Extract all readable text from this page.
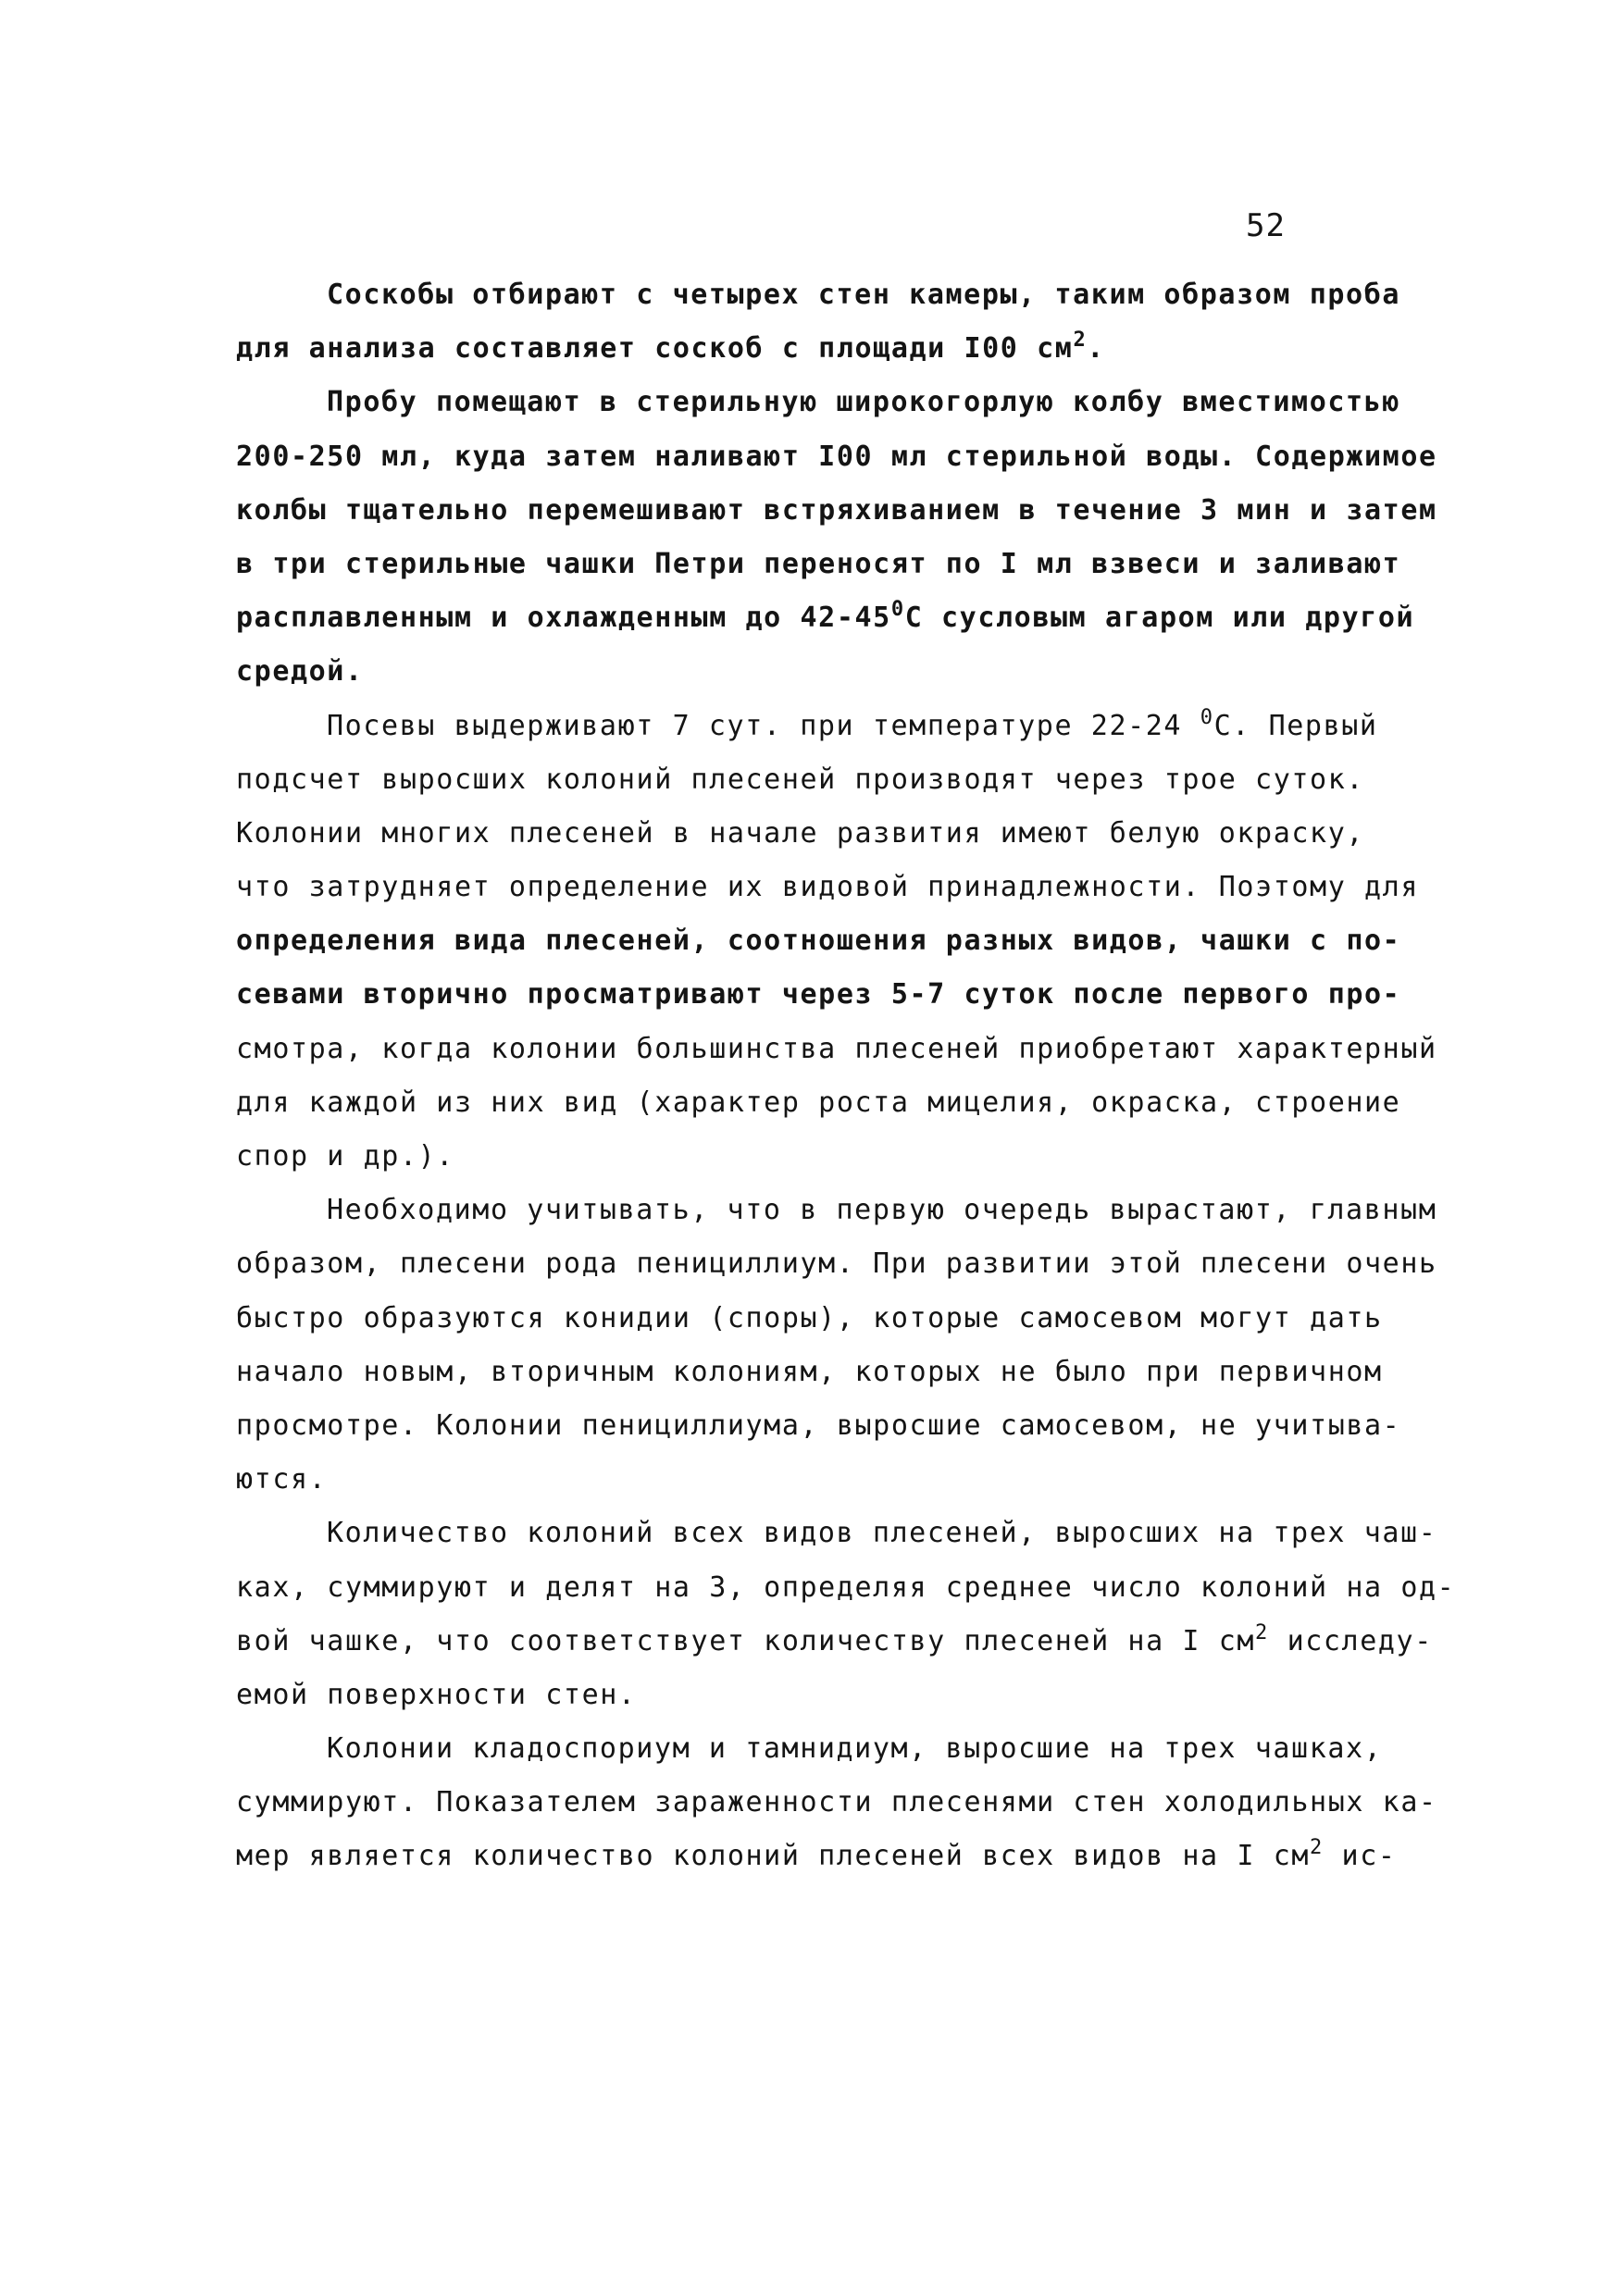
52
Соскобы отбирают с четырех стен камеры, таким образом проба
для анализа составляет соскоб с площади I00 $см^2$.
Пробу помещают в стерильную широкогорлую колбу вместимостью
200-250 мл, куда затем наливают I00 мл стерильной воды. Содержимое
колбы тщательно перемешивают встряхиванием в течение 3 мин и затем
в три стерильные чашки Петри переносят по I мл взвеси и заливают
расплавленным и охлажденным до $42-45^0С$ сусловым агаром или другой
средой.
Посевы выдерживают 7 сут. при температуре 22-24 $^0$С. Первый
подсчет выросших колоний плесеней производят через трое суток.
Колонии многих плесеней в начале развития имеют белую окраску,
что затрудняет определение их видовой принадлежности. Поэтому для
определения вида плесеней, соотношения разных видов, чашки с по-
севами вторично просматривают через 5-7 суток после первого про-
смотра, когда колонии большинства плесеней приобретают характерный
для каждой из них вид (характер роста мицелия, окраска, строение
спор и др.).
Необходимо учитывать, что в первую очередь вырастают, главным
образом, плесени рода пенициллиум. При развитии этой плесени очень
быстро образуются конидии (споры), которые самосевом могут дать
начало новым, вторичным колониям, которых не было при первичном
просмотре. Колонии пенициллиума, выросшие самосевом, не учитыва-
ются.
Количество колоний всех видов плесеней, выросших на трех чаш-
ках, суммируют и делят на 3, определяя среднее число колоний на од-
вой чашке, что соответствует количеству плесеней на I $см^2$ исследу-
емой поверхности стен.
Колонии кладоспориум и тамнидиум, выросшие на трех чашках,
суммируют. Показателем зараженности плесенями стен холодильных ка-
мер является количество колоний плесеней всех видов на I $см^2$ ис-
